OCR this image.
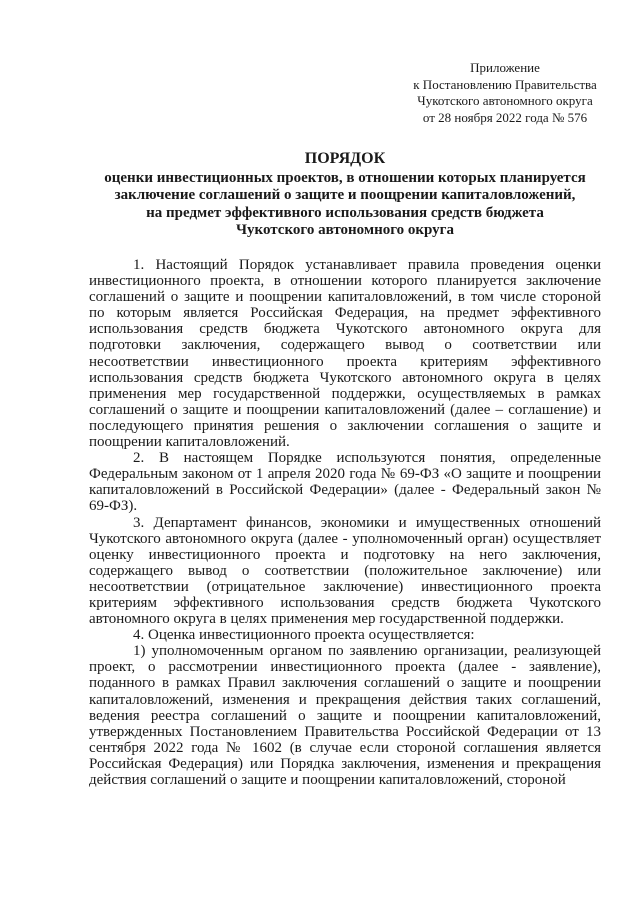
Приложение
к Постановлению Правительства
Чукотского автономного округа
от 28 ноября 2022 года № 576
ПОРЯДОК
оценки инвестиционных проектов, в отношении которых планируется
заключение соглашений о защите и поощрении капиталовложений,
на предмет эффективного использования средств бюджета
Чукотского автономного округа

1. Настоящий Порядок устанавливает правила проведения оценки инвестиционного проекта, в отношении которого планируется заключение соглашений о защите и поощрении капиталовложений, в том числе стороной по которым является Российская Федерация, на предмет эффективного использования средств бюджета Чукотского автономного округа для подготовки заключения, содержащего вывод о соответствии или несоответствии инвестиционного проекта критериям эффективного использования средств бюджета Чукотского автономного округа в целях применения мер государственной поддержки, осуществляемых в рамках соглашений о защите и поощрении капиталовложений (далее – соглашение) и последующего принятия решения о заключении соглашения о защите и поощрении капиталовложений.

2. В настоящем Порядке используются понятия, определенные Федеральным законом от 1 апреля 2020 года № 69-ФЗ «О защите и поощрении капиталовложений в Российской Федерации» (далее - Федеральный закон № 69-ФЗ).

3. Департамент финансов, экономики и имущественных отношений Чукотского автономного округа (далее - уполномоченный орган) осуществляет оценку инвестиционного проекта и подготовку на него заключения, содержащего вывод о соответствии (положительное заключение) или несоответствии (отрицательное заключение) инвестиционного проекта критериям эффективного использования средств бюджета Чукотского автономного округа в целях применения мер государственной поддержки.

4. Оценка инвестиционного проекта осуществляется:

1) уполномоченным органом по заявлению организации, реализующей проект, о рассмотрении инвестиционного проекта (далее - заявление), поданного в рамках Правил заключения соглашений о защите и поощрении капиталовложений, изменения и прекращения действия таких соглашений, ведения реестра соглашений о защите и поощрении капиталовложений, утвержденных Постановлением Правительства Российской Федерации от 13 сентября 2022 года № 1602 (в случае если стороной соглашения является Российская Федерация) или Порядка заключения, изменения и прекращения действия соглашений о защите и поощрении капиталовложений, стороной
